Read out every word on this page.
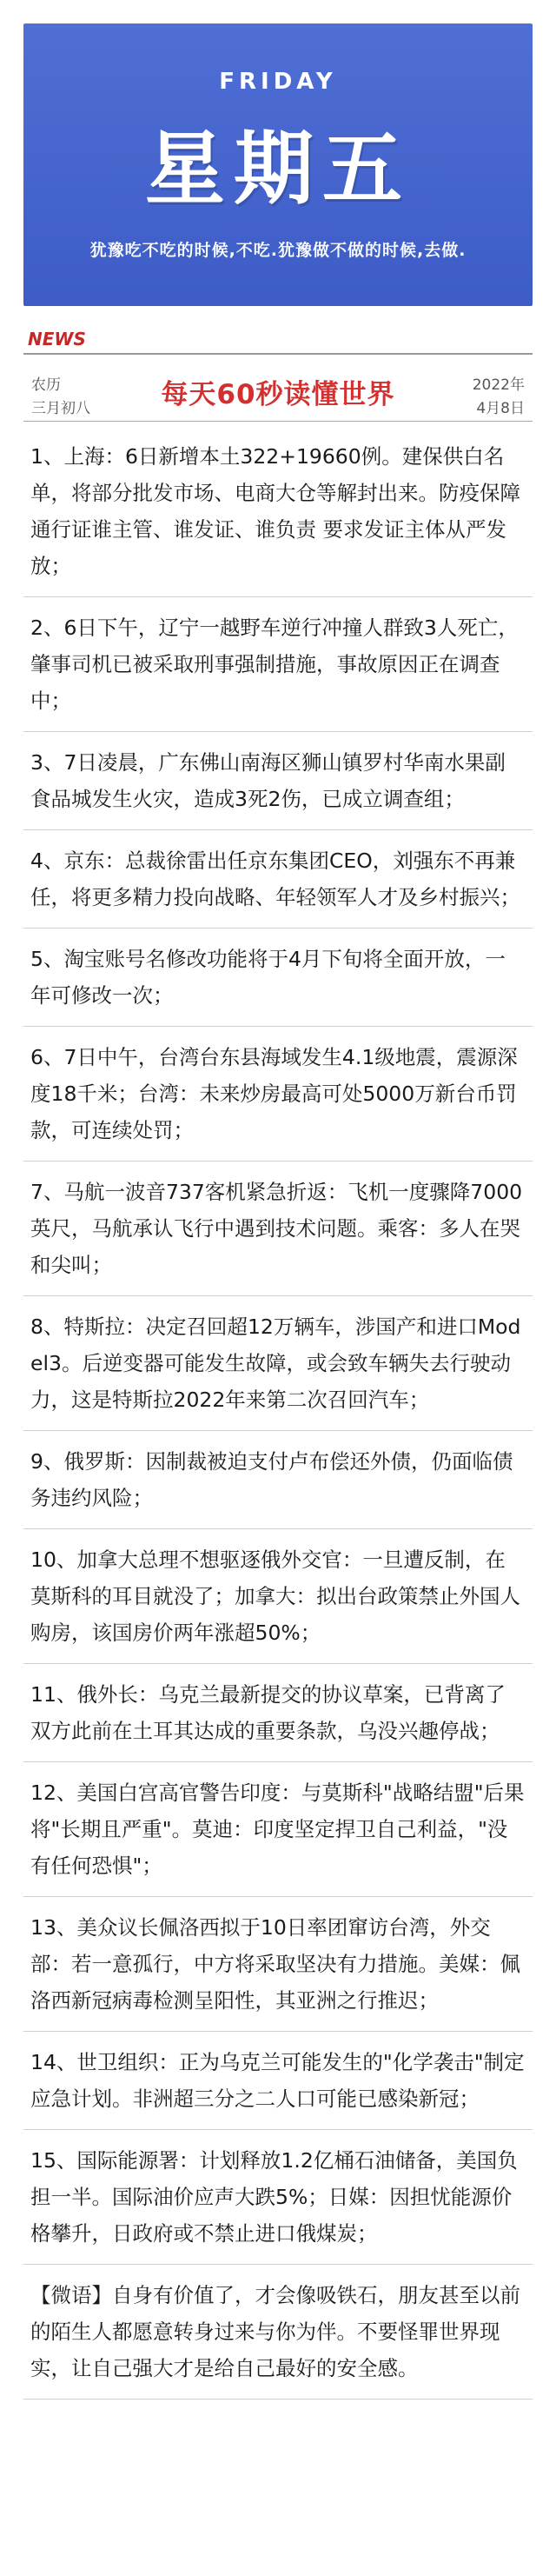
FRIDAY
星期五
犹豫吃不吃的时候,不吃.犹豫做不做的时候,去做.
NEWS
农历
三月初八	每天60秒读懂世界	2022年
4月8日
1、上海：6日新增本土322+19660例。建保供白名单，将部分批发市场、电商大仓等解封出来。防疫保障通行证谁主管、谁发证、谁负责 要求发证主体从严发放；
2、6日下午，辽宁一越野车逆行冲撞人群致3人死亡，肇事司机已被采取刑事强制措施，事故原因正在调查中；
3、7日凌晨，广东佛山南海区狮山镇罗村华南水果副食品城发生火灾，造成3死2伤，已成立调查组；
4、京东：总裁徐雷出任京东集团CEO，刘强东不再兼任，将更多精力投向战略、年轻领军人才及乡村振兴；
5、淘宝账号名修改功能将于4月下旬将全面开放，一年可修改一次；
6、7日中午，台湾台东县海域发生4.1级地震，震源深度18千米；台湾：未来炒房最高可处5000万新台币罚款，可连续处罚；
7、马航一波音737客机紧急折返：飞机一度骤降7000英尺，马航承认飞行中遇到技术问题。乘客：多人在哭和尖叫；
8、特斯拉：决定召回超12万辆车，涉国产和进口Model3。后逆变器可能发生故障，或会致车辆失去行驶动力，这是特斯拉2022年来第二次召回汽车；
9、俄罗斯：因制裁被迫支付卢布偿还外债，仍面临债务违约风险；
10、加拿大总理不想驱逐俄外交官：一旦遭反制，在莫斯科的耳目就没了；加拿大：拟出台政策禁止外国人购房，该国房价两年涨超50%；
11、俄外长：乌克兰最新提交的协议草案，已背离了双方此前在土耳其达成的重要条款，乌没兴趣停战；
12、美国白宫高官警告印度：与莫斯科"战略结盟"后果将"长期且严重"。莫迪：印度坚定捍卫自己利益，"没有任何恐惧"；
13、美众议长佩洛西拟于10日率团窜访台湾，外交部：若一意孤行，中方将采取坚决有力措施。美媒：佩洛西新冠病毒检测呈阳性，其亚洲之行推迟；
14、世卫组织：正为乌克兰可能发生的"化学袭击"制定应急计划。非洲超三分之二人口可能已感染新冠；
15、国际能源署：计划释放1.2亿桶石油储备，美国负担一半。国际油价应声大跌5%；日媒：因担忧能源价格攀升，日政府或不禁止进口俄煤炭；
【微语】自身有价值了，才会像吸铁石，朋友甚至以前的陌生人都愿意转身过来与你为伴。不要怪罪世界现实，让自己强大才是给自己最好的安全感。
